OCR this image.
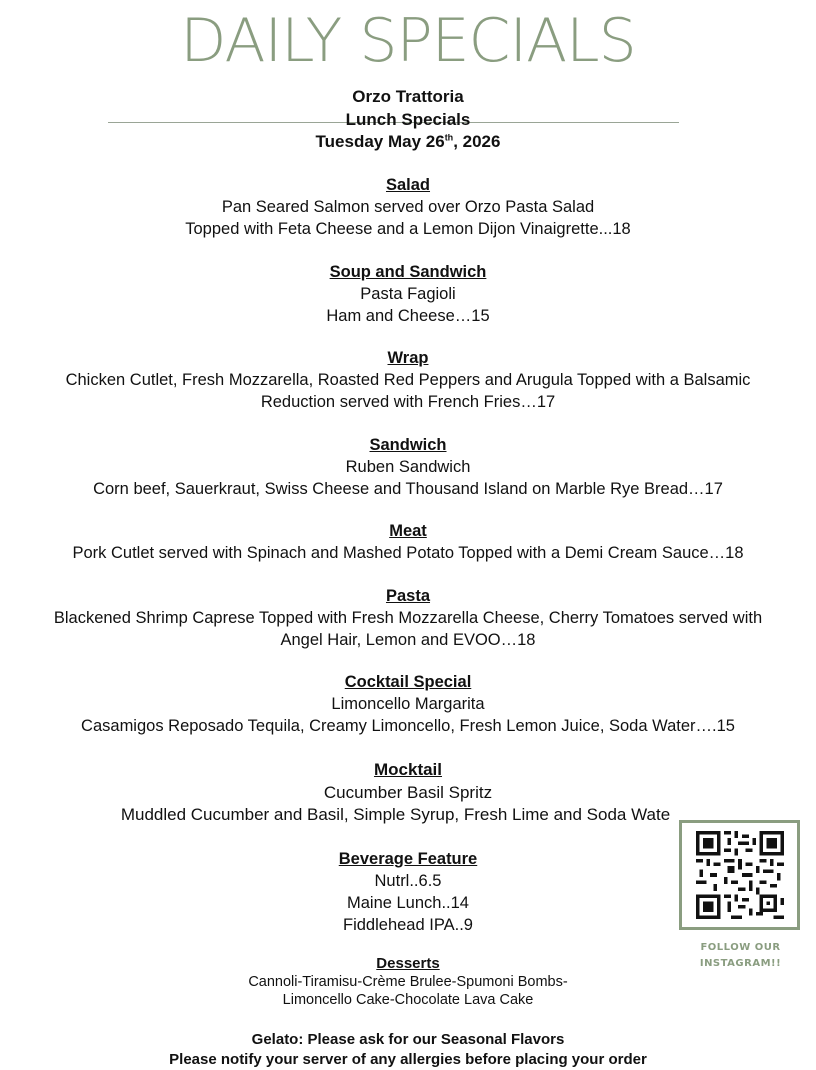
DAILY SPECIALS
Orzo Trattoria
Lunch Specials
Tuesday May 26th, 2026
Salad
Pan Seared Salmon served over Orzo Pasta Salad
Topped with Feta Cheese and a Lemon Dijon Vinaigrette...18
Soup and Sandwich
Pasta Fagioli
Ham and Cheese…15
Wrap
Chicken Cutlet, Fresh Mozzarella, Roasted Red Peppers and Arugula Topped with a Balsamic
Reduction served with French Fries…17
Sandwich
Ruben Sandwich
Corn beef, Sauerkraut, Swiss Cheese and Thousand Island on Marble Rye Bread…17
Meat
Pork Cutlet served with Spinach and Mashed Potato Topped with a Demi Cream Sauce…18
Pasta
Blackened Shrimp Caprese Topped with Fresh Mozzarella Cheese, Cherry Tomatoes served with
Angel Hair, Lemon and EVOO…18
Cocktail Special
Limoncello Margarita
Casamigos Reposado Tequila, Creamy Limoncello, Fresh Lemon Juice, Soda Water….15
Mocktail
Cucumber Basil Spritz
Muddled Cucumber and Basil, Simple Syrup, Fresh Lime and Soda Wate
Beverage Feature
Nutrl..6.5
Maine Lunch..14
Fiddlehead IPA..9
Desserts
Cannoli-Tiramisu-Crème Brulee-Spumoni Bombs-
Limoncello Cake-Chocolate Lava Cake
Gelato: Please ask for our Seasonal Flavors
Please notify your server of any allergies before placing your order
FOLLOW OUR
INSTAGRAM!!
